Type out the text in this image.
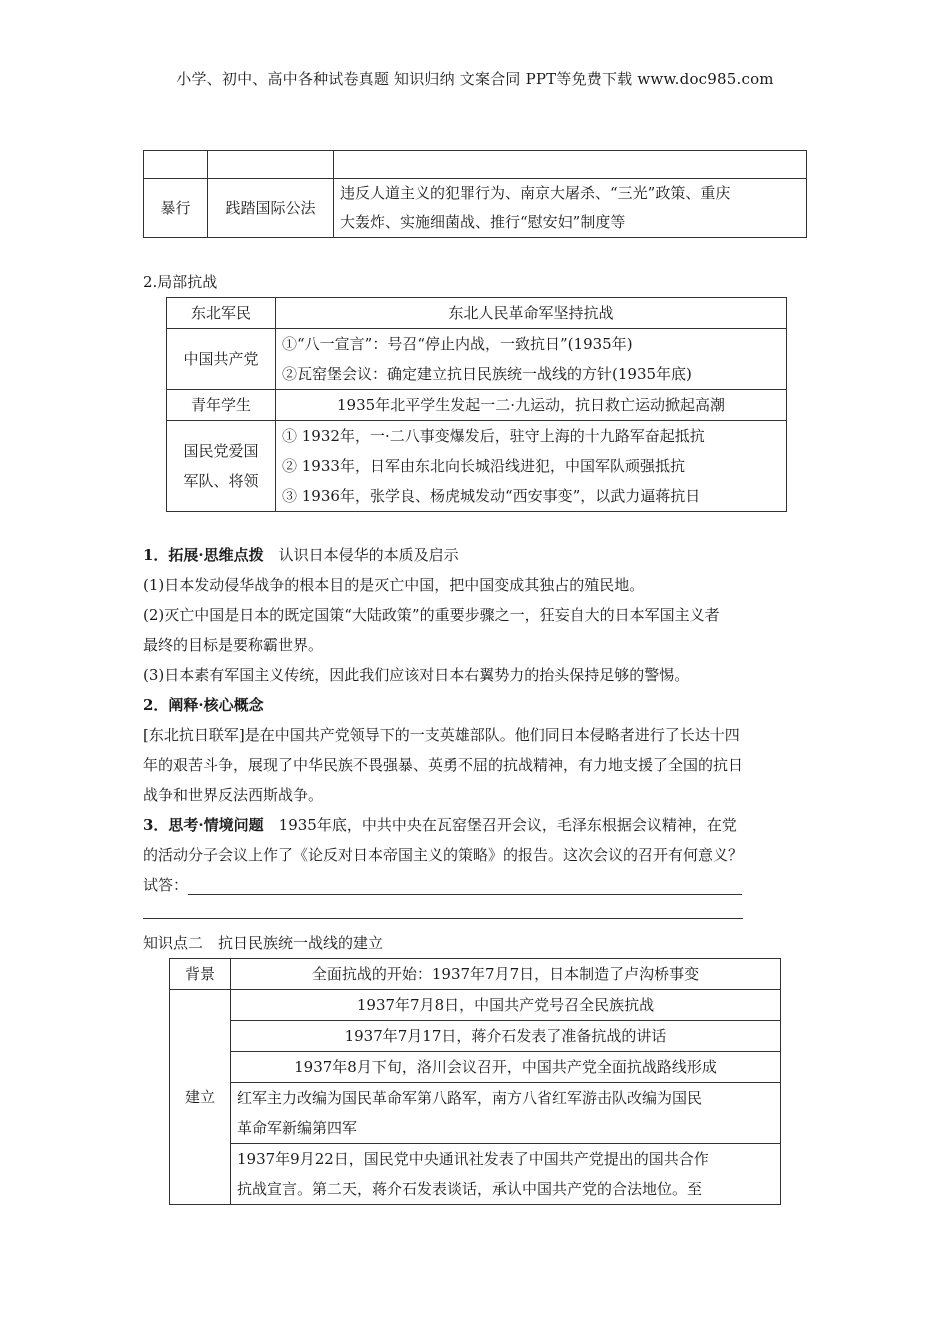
小学、初中、高中各种试卷真题 知识归纳 文案合同 PPT等免费下载 www.doc985.com

暴行	践踏国际公法	违反人道主义的犯罪行为、南京大屠杀、“三光”政策、重庆
大轰炸、实施细菌战、推行“慰安妇”制度等
2.局部抗战
东北军民	东北人民革命军坚持抗战
中国共产党	①“八一宣言”：号召“停止内战，一致抗日”(1935年)
②瓦窑堡会议：确定建立抗日民族统一战线的方针(1935年底)

青年学生	1935年北平学生发起一二·九运动，抗日救亡运动掀起高潮

国民党爱国
军队、将领	① 1932年，一·二八事变爆发后，驻守上海的十九路军奋起抵抗
② 1933年，日军由东北向长城沿线进犯，中国军队顽强抵抗
③ 1936年，张学良、杨虎城发动“西安事变”，以武力逼蒋抗日
1．拓展·思维点拨  认识日本侵华的本质及启示
(1)日本发动侵华战争的根本目的是灭亡中国，把中国变成其独占的殖民地。
(2)灭亡中国是日本的既定国策“大陆政策”的重要步骤之一，狂妄自大的日本军国主义者
最终的目标是要称霸世界。
(3)日本素有军国主义传统，因此我们应该对日本右翼势力的抬头保持足够的警惕。
2．阐释·核心概念
[东北抗日联军]是在中国共产党领导下的一支英雄部队。他们同日本侵略者进行了长达十四
年的艰苦斗争，展现了中华民族不畏强暴、英勇不屈的抗战精神，有力地支援了全国的抗日
战争和世界反法西斯战争。
3．思考·情境问题  1935年底，中共中央在瓦窑堡召开会议，毛泽东根据会议精神，在党
的活动分子会议上作了《论反对日本帝国主义的策略》的报告。这次会议的召开有何意义？
试答：
知识点二　抗日民族统一战线的建立
背景	全面抗战的开始：1937年7月7日，日本制造了卢沟桥事变
建立	1937年7月8日，中国共产党号召全民族抗战
	1937年7月17日，蒋介石发表了准备抗战的讲话
	1937年8月下旬，洛川会议召开，中国共产党全面抗战路线形成

	红军主力改编为国民革命军第八路军，南方八省红军游击队改编为国民
革命军新编第四军

	1937年9月22日，国民党中央通讯社发表了中国共产党提出的国共合作
抗战宣言。第二天，蒋介石发表谈话，承认中国共产党的合法地位。至
